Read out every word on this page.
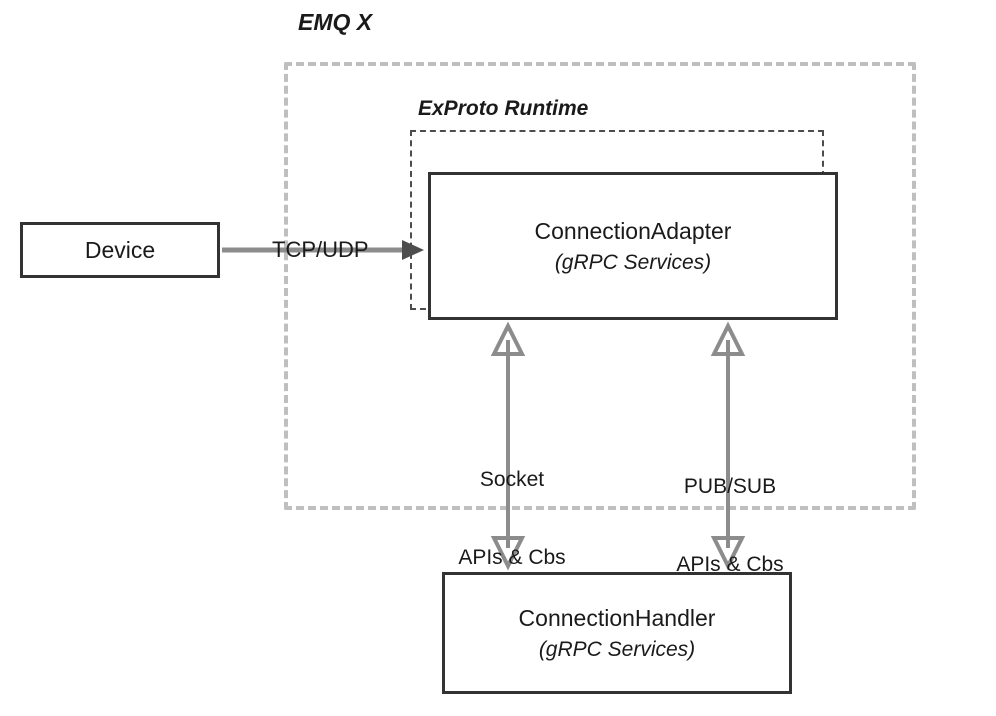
EMQ X
ExProto Runtime
Device
ConnectionAdapter
(gRPC Services)
ConnectionHandler
(gRPC Services)
TCP/UDP

Socket

APIs & Cbs

PUB/SUB

APIs & Cbs
